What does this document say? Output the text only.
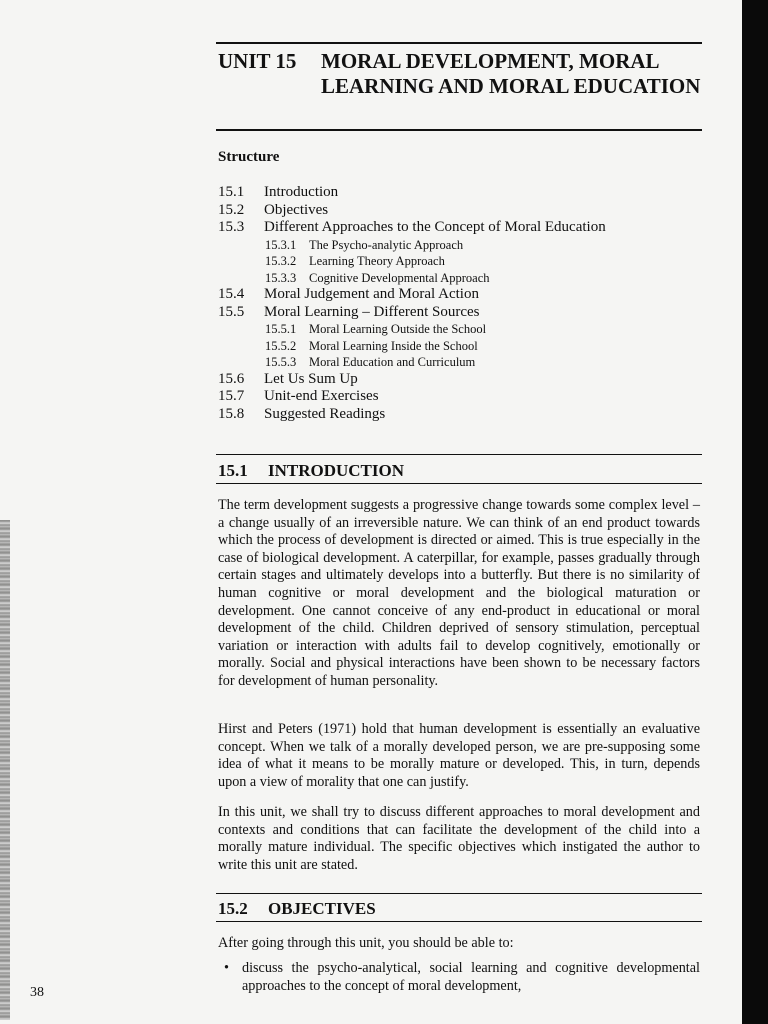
UNIT 15 MORAL DEVELOPMENT, MORAL LEARNING AND MORAL EDUCATION
Structure
15.1 Introduction
15.2 Objectives
15.3 Different Approaches to the Concept of Moral Education
15.3.1 The Psycho-analytic Approach
15.3.2 Learning Theory Approach
15.3.3 Cognitive Developmental Approach
15.4 Moral Judgement and Moral Action
15.5 Moral Learning – Different Sources
15.5.1 Moral Learning Outside the School
15.5.2 Moral Learning Inside the School
15.5.3 Moral Education and Curriculum
15.6 Let Us Sum Up
15.7 Unit-end Exercises
15.8 Suggested Readings
15.1 INTRODUCTION
The term development suggests a progressive change towards some complex level – a change usually of an irreversible nature. We can think of an end product towards which the process of development is directed or aimed. This is true especially in the case of biological development. A caterpillar, for example, passes gradually through certain stages and ultimately develops into a butterfly. But there is no similarity of human cognitive or moral development and the biological maturation or development. One cannot conceive of any end-product in educational or moral development of the child. Children deprived of sensory stimulation, perceptual variation or interaction with adults fail to develop cognitively, emotionally or morally. Social and physical interactions have been shown to be necessary factors for development of human personality.
Hirst and Peters (1971) hold that human development is essentially an evaluative concept. When we talk of a morally developed person, we are pre-supposing some idea of what it means to be morally mature or developed. This, in turn, depends upon a view of morality that one can justify.
In this unit, we shall try to discuss different approaches to moral development and contexts and conditions that can facilitate the development of the child into a morally mature individual. The specific objectives which instigated the author to write this unit are stated.
15.2 OBJECTIVES
After going through this unit, you should be able to:
• discuss the psycho-analytical, social learning and cognitive developmental approaches to the concept of moral development,
38
